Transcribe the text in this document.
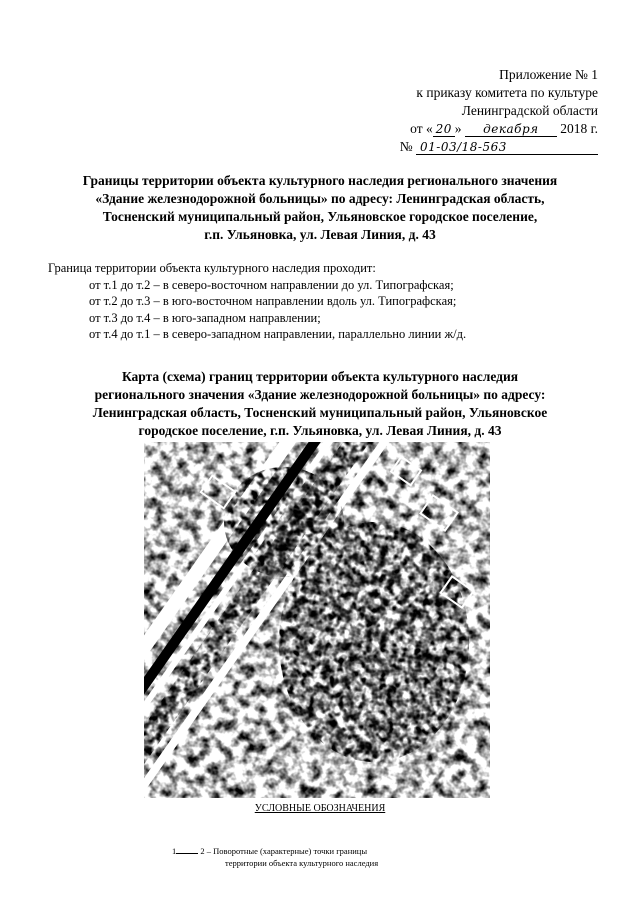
Приложение № 1
к приказу комитета по культуре
Ленинградской области
от « 20 » декабря 2018 г.
№ 01-03/18-563
Границы территории объекта культурного наследия регионального значения
«Здание железнодорожной больницы» по адресу: Ленинградская область,
Тосненский муниципальный район, Ульяновское городское поселение,
г.п. Ульяновка, ул. Левая Линия, д. 43
Граница территории объекта культурного наследия проходит:
от т.1 до т.2 – в северо-восточном направлении до ул. Типографская;
от т.2 до т.3 – в юго-восточном направлении вдоль ул. Типографская;
от т.3 до т.4 – в юго-западном направлении;
от т.4 до т.1 – в северо-западном направлении, параллельно линии ж/д.
Карта (схема) границ территории объекта культурного наследия
регионального значения «Здание железнодорожной больницы» по адресу:
Ленинградская область, Тосненский муниципальный район, Ульяновское
городское поселение, г.п. Ульяновка, ул. Левая Линия, д. 43
УСЛОВНЫЕ ОБОЗНАЧЕНИЯ
1	2 – Поворотные (характерные) точки границы
территории объекта культурного наследия
